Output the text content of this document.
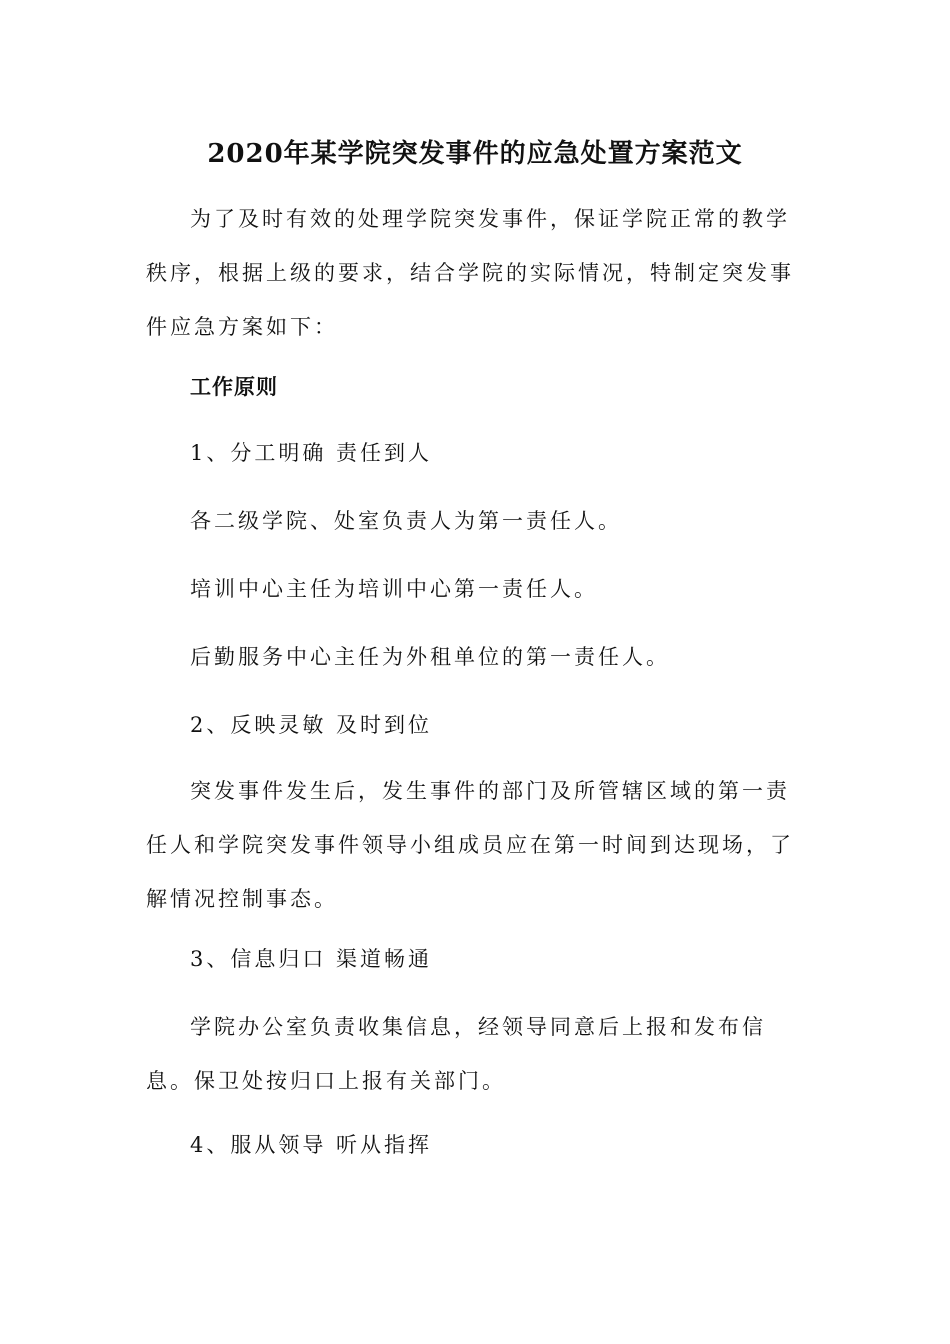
2020年某学院突发事件的应急处置方案范文

为了及时有效的处理学院突发事件，保证学院正常的教学秩序，根据上级的要求，结合学院的实际情况，特制定突发事件应急方案如下：

工作原则

1、分工明确 责任到人

各二级学院、处室负责人为第一责任人。

培训中心主任为培训中心第一责任人。

后勤服务中心主任为外租单位的第一责任人。

2、反映灵敏 及时到位

突发事件发生后，发生事件的部门及所管辖区域的第一责任人和学院突发事件领导小组成员应在第一时间到达现场，了解情况控制事态。

3、信息归口 渠道畅通

学院办公室负责收集信息，经领导同意后上报和发布信息。保卫处按归口上报有关部门。

4、服从领导 听从指挥
